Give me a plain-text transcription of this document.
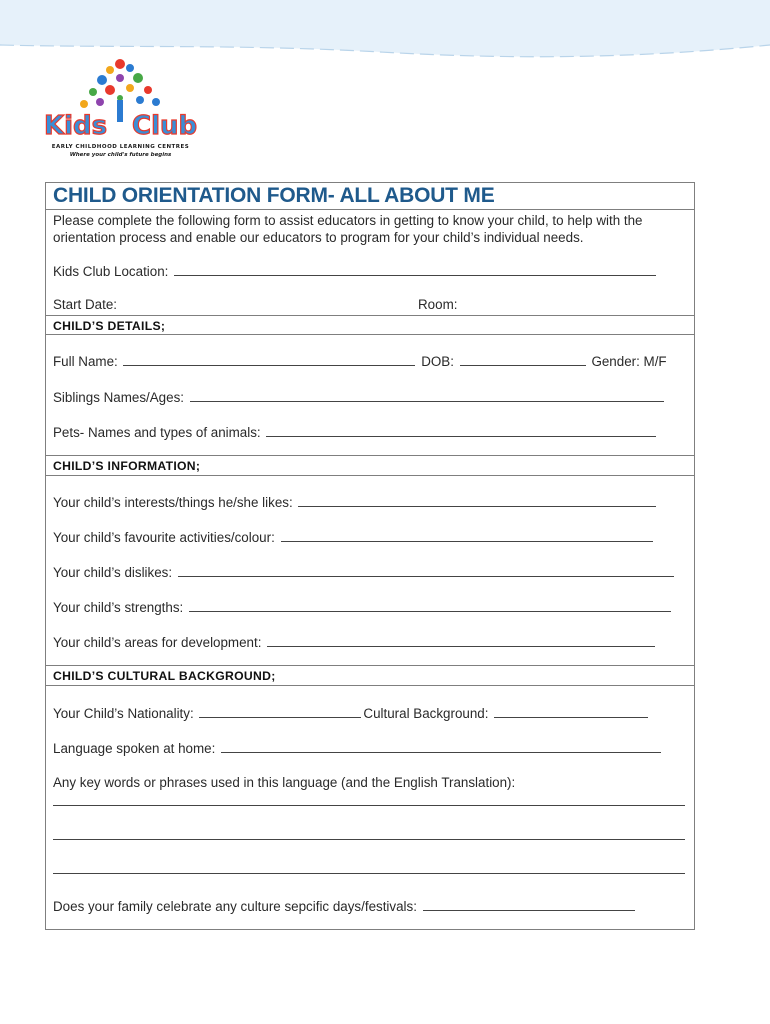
Kids Club
EARLY CHILDHOOD LEARNING CENTRES
Where your child's future begins
CHILD ORIENTATION FORM- ALL ABOUT ME
Please complete the following form to assist educators in getting to know your child, to help with the orientation process and enable our educators to program for your child’s individual needs.
Kids Club Location:
Start Date:	Room:
CHILD’S DETAILS;
Full Name:	DOB:	Gender: M/F
Siblings Names/Ages:
Pets- Names and types of animals:
CHILD’S INFORMATION;
Your child’s interests/things he/she likes:
Your child’s favourite activities/colour:
Your child’s dislikes:
Your child’s strengths:
Your child’s areas for development:
CHILD’S CULTURAL BACKGROUND;
Your Child’s Nationality:	Cultural Background:
Language spoken at home:
Any key words or phrases used in this language (and the English Translation):
Does your family celebrate any culture sepcific days/festivals:
